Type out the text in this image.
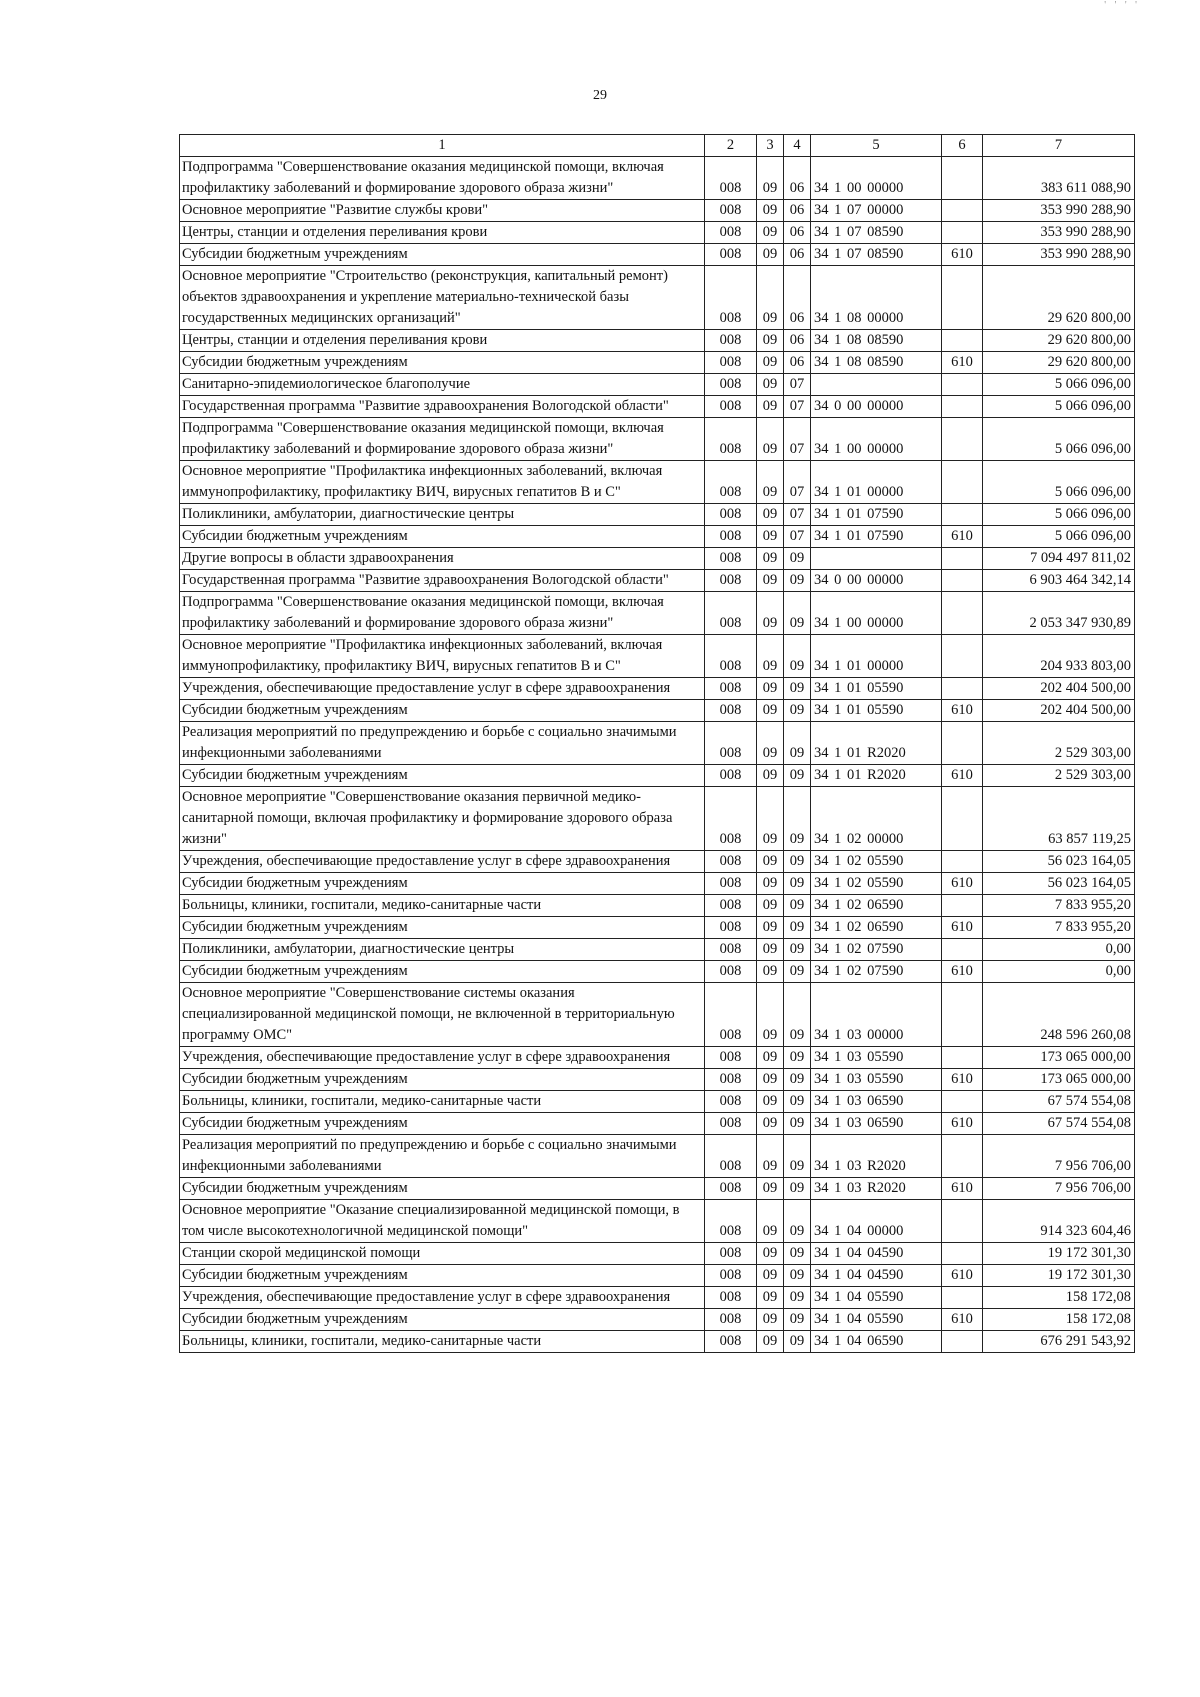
' ' ' '
29
1	2	3	4	5	6	7
Подпрограмма "Совершенствование оказания медицинской помощи, включая профилактику заболеваний и формирование здорового образа жизни"	008	09	06	34 1 00 00000		383 611 088,90
Основное мероприятие "Развитие службы крови"	008	09	06	34 1 07 00000		353 990 288,90
Центры, станции и отделения переливания крови	008	09	06	34 1 07 08590		353 990 288,90
Субсидии бюджетным учреждениям	008	09	06	34 1 07 08590	610	353 990 288,90
Основное мероприятие "Строительство (реконструкция, капитальный ремонт) объектов здравоохранения и укрепление материально-технической базы государственных медицинских организаций"	008	09	06	34 1 08 00000		29 620 800,00
Центры, станции и отделения переливания крови	008	09	06	34 1 08 08590		29 620 800,00
Субсидии бюджетным учреждениям	008	09	06	34 1 08 08590	610	29 620 800,00
Санитарно-эпидемиологическое благополучие	008	09	07			5 066 096,00
Государственная программа "Развитие здравоохранения Вологодской области"	008	09	07	34 0 00 00000		5 066 096,00
Подпрограмма "Совершенствование оказания медицинской помощи, включая профилактику заболеваний и формирование здорового образа жизни"	008	09	07	34 1 00 00000		5 066 096,00
Основное мероприятие "Профилактика инфекционных заболеваний, включая иммунопрофилактику, профилактику ВИЧ, вирусных гепатитов В и С"	008	09	07	34 1 01 00000		5 066 096,00
Поликлиники, амбулатории, диагностические центры	008	09	07	34 1 01 07590		5 066 096,00
Субсидии бюджетным учреждениям	008	09	07	34 1 01 07590	610	5 066 096,00
Другие вопросы в области здравоохранения	008	09	09			7 094 497 811,02
Государственная программа "Развитие здравоохранения Вологодской области"	008	09	09	34 0 00 00000		6 903 464 342,14
Подпрограмма "Совершенствование оказания медицинской помощи, включая профилактику заболеваний и формирование здорового образа жизни"	008	09	09	34 1 00 00000		2 053 347 930,89
Основное мероприятие "Профилактика инфекционных заболеваний, включая иммунопрофилактику, профилактику ВИЧ, вирусных гепатитов В и С"	008	09	09	34 1 01 00000		204 933 803,00
Учреждения, обеспечивающие предоставление услуг в сфере здравоохранения	008	09	09	34 1 01 05590		202 404 500,00
Субсидии бюджетным учреждениям	008	09	09	34 1 01 05590	610	202 404 500,00
Реализация мероприятий по предупреждению и борьбе с социально значимыми инфекционными заболеваниями	008	09	09	34 1 01 R2020		2 529 303,00
Субсидии бюджетным учреждениям	008	09	09	34 1 01 R2020	610	2 529 303,00
Основное мероприятие "Совершенствование оказания первичной медико-санитарной помощи, включая профилактику и формирование здорового образа жизни"	008	09	09	34 1 02 00000		63 857 119,25
Учреждения, обеспечивающие предоставление услуг в сфере здравоохранения	008	09	09	34 1 02 05590		56 023 164,05
Субсидии бюджетным учреждениям	008	09	09	34 1 02 05590	610	56 023 164,05
Больницы, клиники, госпитали, медико-санитарные части	008	09	09	34 1 02 06590		7 833 955,20
Субсидии бюджетным учреждениям	008	09	09	34 1 02 06590	610	7 833 955,20
Поликлиники, амбулатории, диагностические центры	008	09	09	34 1 02 07590		0,00
Субсидии бюджетным учреждениям	008	09	09	34 1 02 07590	610	0,00
Основное мероприятие "Совершенствование системы оказания специализированной медицинской помощи, не включенной в территориальную программу ОМС"	008	09	09	34 1 03 00000		248 596 260,08
Учреждения, обеспечивающие предоставление услуг в сфере здравоохранения	008	09	09	34 1 03 05590		173 065 000,00
Субсидии бюджетным учреждениям	008	09	09	34 1 03 05590	610	173 065 000,00
Больницы, клиники, госпитали, медико-санитарные части	008	09	09	34 1 03 06590		67 574 554,08
Субсидии бюджетным учреждениям	008	09	09	34 1 03 06590	610	67 574 554,08
Реализация мероприятий по предупреждению и борьбе с социально значимыми инфекционными заболеваниями	008	09	09	34 1 03 R2020		7 956 706,00
Субсидии бюджетным учреждениям	008	09	09	34 1 03 R2020	610	7 956 706,00
Основное мероприятие "Оказание специализированной медицинской помощи, в том числе высокотехнологичной медицинской помощи"	008	09	09	34 1 04 00000		914 323 604,46
Станции скорой медицинской помощи	008	09	09	34 1 04 04590		19 172 301,30
Субсидии бюджетным учреждениям	008	09	09	34 1 04 04590	610	19 172 301,30
Учреждения, обеспечивающие предоставление услуг в сфере здравоохранения	008	09	09	34 1 04 05590		158 172,08
Субсидии бюджетным учреждениям	008	09	09	34 1 04 05590	610	158 172,08
Больницы, клиники, госпитали, медико-санитарные части	008	09	09	34 1 04 06590		676 291 543,92
